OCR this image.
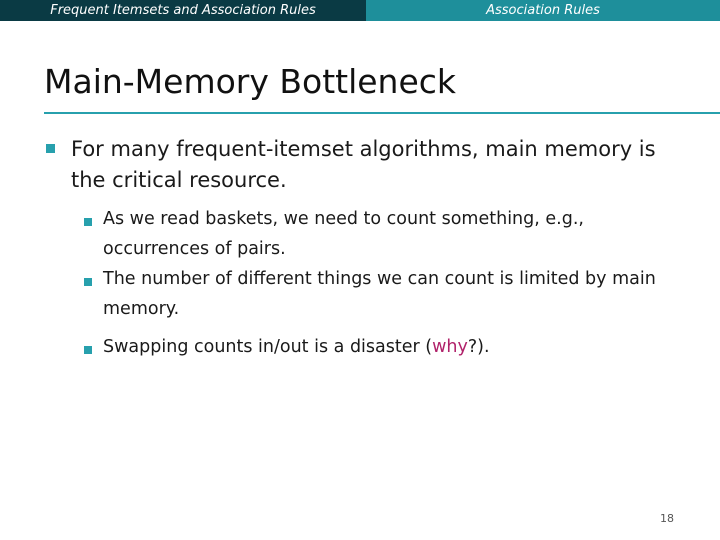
Frequent Itemsets and Association Rules	Association Rules
Main-Memory Bottleneck
For many frequent-itemset algorithms, main memory is the critical resource.
As we read baskets, we need to count something, e.g., occurrences of pairs.
The number of different things we can count is limited by main memory.
Swapping counts in/out is a disaster (why?).
18
